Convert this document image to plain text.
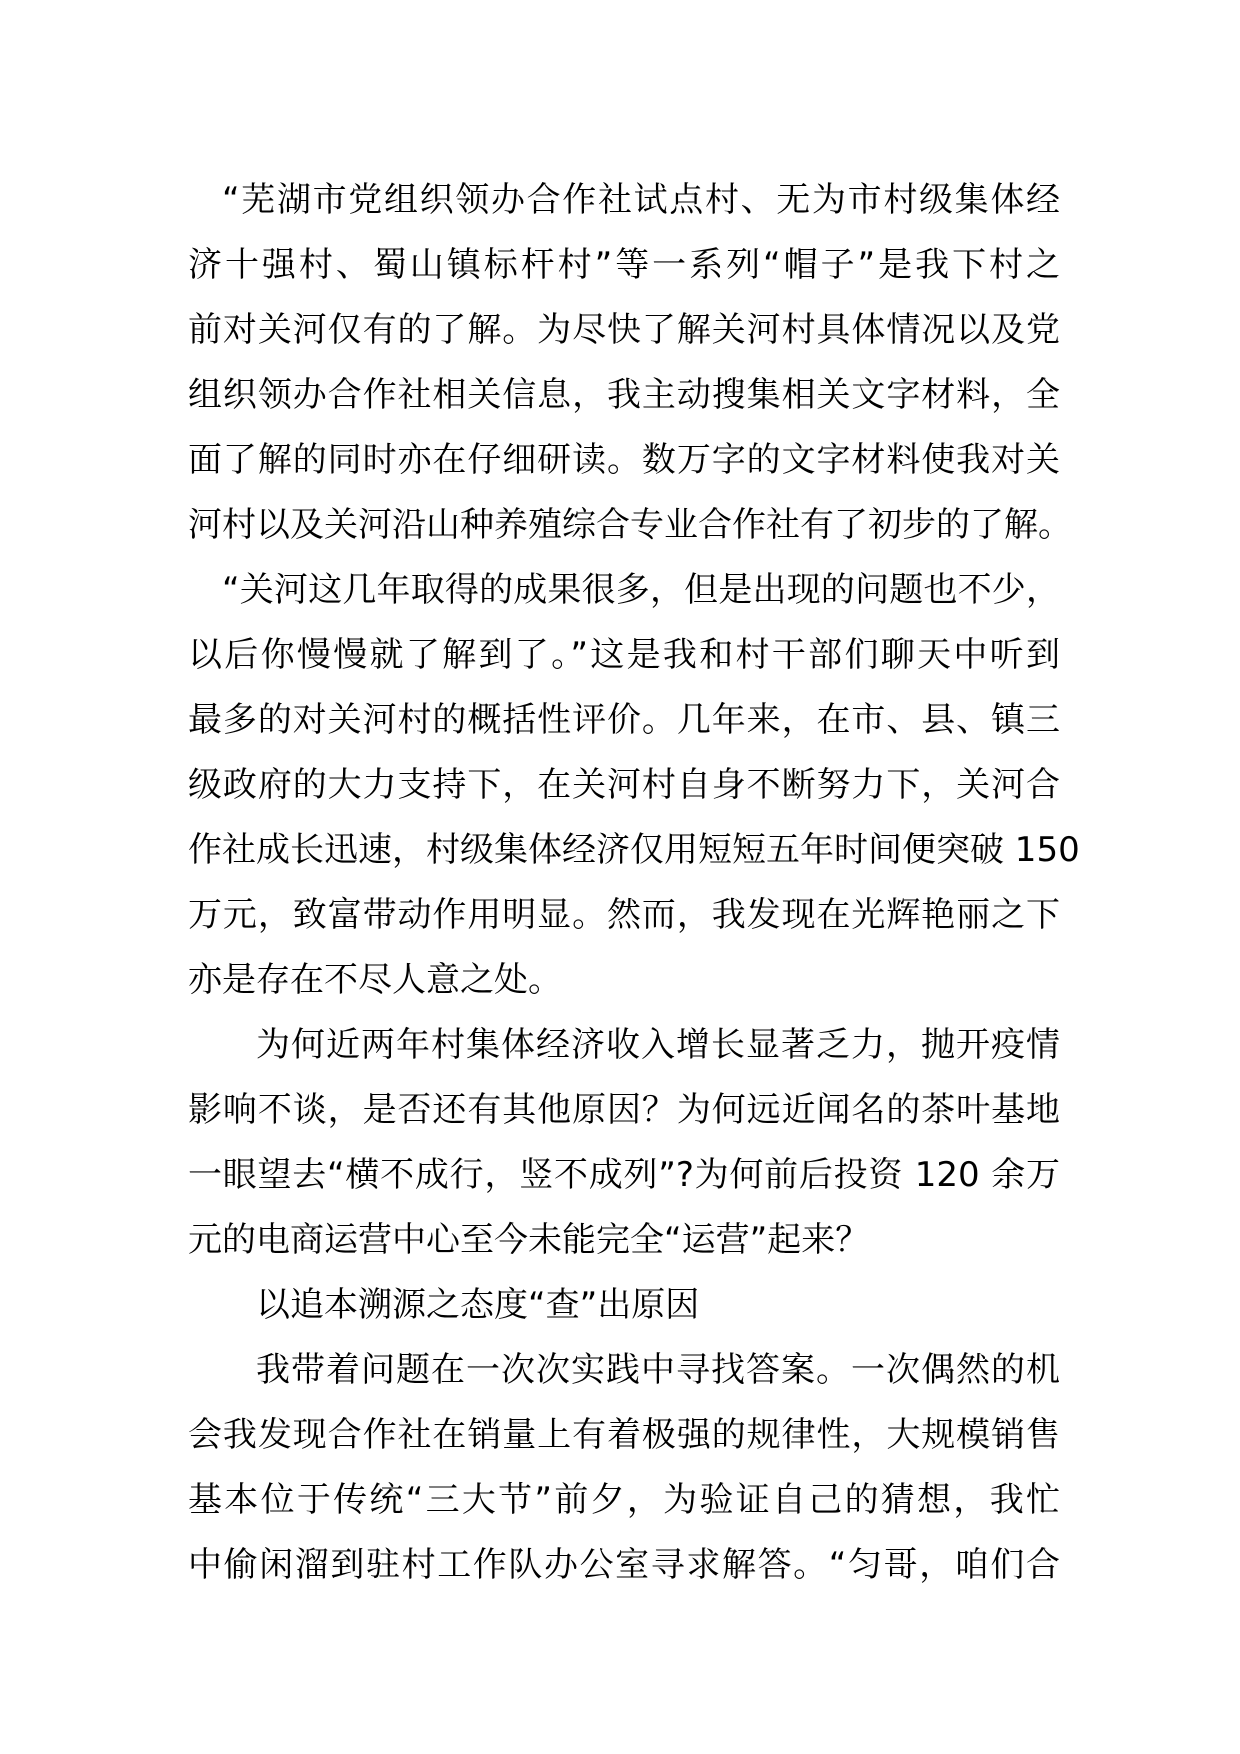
“芜湖市党组织领办合作社试点村、无为市村级集体经
济十强村、蜀山镇标杆村”等一系列“帽子”是我下村之
前对关河仅有的了解。为尽快了解关河村具体情况以及党
组织领办合作社相关信息，我主动搜集相关文字材料，全
面了解的同时亦在仔细研读。数万字的文字材料使我对关
河村以及关河沿山种养殖综合专业合作社有了初步的了解。
“关河这几年取得的成果很多，但是出现的问题也不少，
以后你慢慢就了解到了。”这是我和村干部们聊天中听到
最多的对关河村的概括性评价。几年来，在市、县、镇三
级政府的大力支持下，在关河村自身不断努力下，关河合
作社成长迅速，村级集体经济仅用短短五年时间便突破 150
万元，致富带动作用明显。然而，我发现在光辉艳丽之下
亦是存在不尽人意之处。
为何近两年村集体经济收入增长显著乏力，抛开疫情
影响不谈，是否还有其他原因？为何远近闻名的茶叶基地
一眼望去“横不成行，竖不成列”?为何前后投资 120 余万
元的电商运营中心至今未能完全“运营”起来？
以追本溯源之态度“查”出原因
我带着问题在一次次实践中寻找答案。一次偶然的机
会我发现合作社在销量上有着极强的规律性，大规模销售
基本位于传统“三大节”前夕，为验证自己的猜想，我忙
中偷闲溜到驻村工作队办公室寻求解答。“匀哥，咱们合
